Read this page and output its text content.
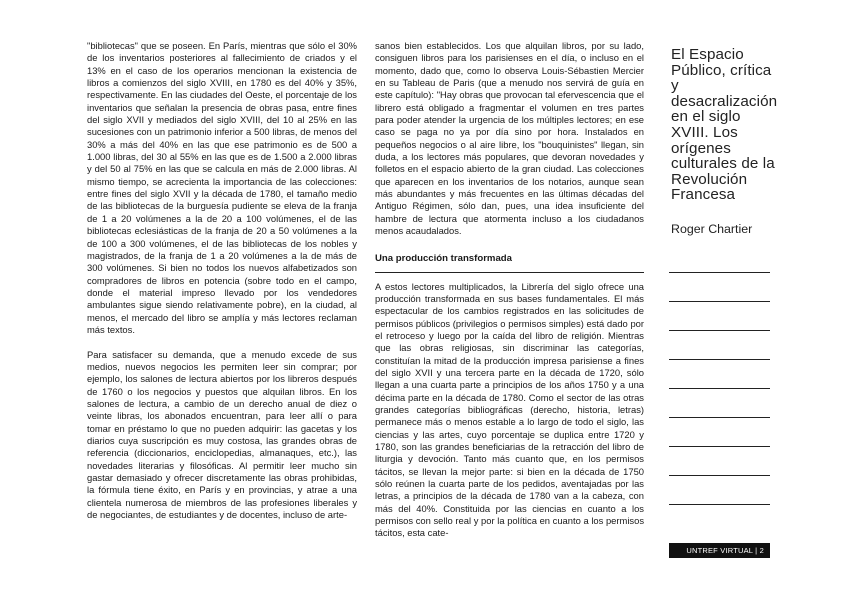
"bibliotecas" que se poseen. En París, mientras que sólo el 30% de los inventarios posteriores al fallecimiento de criados y el 13% en el caso de los operarios mencionan la existencia de libros a comienzos del siglo XVIII, en 1780 es del 40% y 35%, respectivamente. En las ciudades del Oeste, el porcentaje de los inventarios que señalan la presencia de obras pasa, entre fines del siglo XVII y mediados del siglo XVIII, del 10 al 25% en las sucesiones con un patrimonio inferior a 500 libras, de menos del 30% a más del 40% en las que ese patrimonio es de 500 a 1.000 libras, del 30 al 55% en las que es de 1.500 a 2.000 libras y del 50 al 75% en las que se calcula en más de 2.000 libras. Al mismo tiempo, se acrecienta la importancia de las colecciones: entre fines del siglo XVII y la década de 1780, el tamaño medio de las bibliotecas de la burguesía pudiente se eleva de la franja de 1 a 20 volúmenes a la de 20 a 100 volúmenes, el de las bibliotecas eclesiásticas de la franja de 20 a 50 volúmenes a la de 100 a 300 volúmenes, el de las bibliotecas de los nobles y magistrados, de la franja de 1 a 20 volúmenes a la de más de 300 volúmenes. Si bien no todos los nuevos alfabetizados son compradores de libros en potencia (sobre todo en el campo, donde el material impreso llevado por los vendedores ambulantes sigue siendo relativamente pobre), en la ciudad, al menos, el mercado del libro se amplía y más lectores reclaman más textos.

Para satisfacer su demanda, que a menudo excede de sus medios, nuevos negocios les permiten leer sin comprar; por ejemplo, los salones de lectura abiertos por los libreros después de 1760 o los negocios y puestos que alquilan libros. En los salones de lectura, a cambio de un derecho anual de diez o veinte libras, los abonados encuentran, para leer allí o para tomar en préstamo lo que no pueden adquirir: las gacetas y los diarios cuya suscripción es muy costosa, las grandes obras de referencia (diccionarios, enciclopedias, almanaques, etc.), las novedades literarias y filosóficas. Al permitir leer mucho sin gastar demasiado y ofrecer discretamente las obras prohibidas, la fórmula tiene éxito, en París y en provincias, y atrae a una clientela numerosa de miembros de las profesiones liberales y de negociantes, de estudiantes y de docentes, incluso de arte-

sanos bien establecidos. Los que alquilan libros, por su lado, consiguen libros para los parisienses en el día, o incluso en el momento, dado que, como lo observa Louis-Sébastien Mercier en su Tableau de Paris (que a menudo nos servirá de guía en este capítulo): "Hay obras que provocan tal efervescencia que el librero está obligado a fragmentar el volumen en tres partes para poder atender la urgencia de los múltiples lectores; en ese caso se paga no ya por día sino por hora. Instalados en pequeños negocios o al aire libre, los "bouquinistes" llegan, sin duda, a los lectores más populares, que devoran novedades y folletos en el espacio abierto de la gran ciudad. Las colecciones que aparecen en los inventarios de los notarios, aunque sean más abundantes y más frecuentes en las últimas décadas del Antiguo Régimen, sólo dan, pues, una idea insuficiente del hambre de lectura que atormenta incluso a los ciudadanos menos acaudalados.

Una producción transformada

A estos lectores multiplicados, la Librería del siglo ofrece una producción transformada en sus bases fundamentales. El más espectacular de los cambios registrados en las solicitudes de permisos públicos (privilegios o permisos simples) está dado por el retroceso y luego por la caída del libro de religión. Mientras que las obras religiosas, sin discriminar las categorías, constituían la mitad de la producción impresa parisiense a fines del siglo XVII y una tercera parte en la década de 1720, sólo llegan a una cuarta parte a principios de los años 1750 y a una décima parte en la década de 1780. Como el sector de las otras grandes categorías bibliográficas (derecho, historia, letras) permanece más o menos estable a lo largo de todo el siglo, las ciencias y las artes, cuyo porcentaje se duplica entre 1720 y 1780, son las grandes beneficiarias de la retracción del libro de liturgia y devoción. Tanto más cuanto que, en los permisos tácitos, se llevan la mejor parte: si bien en la década de 1750 sólo reúnen la cuarta parte de los pedidos, aventajadas por las letras, a principios de la década de 1780 van a la cabeza, con más del 40%. Constituida por las ciencias en cuanto a los permisos con sello real y por la política en cuanto a los permisos tácitos, esta cate-

El Espacio Público, crítica y desacralización en el siglo XVIII. Los orígenes culturales de la Revolución Francesa
Roger Chartier
UNTREF VIRTUAL | 2
